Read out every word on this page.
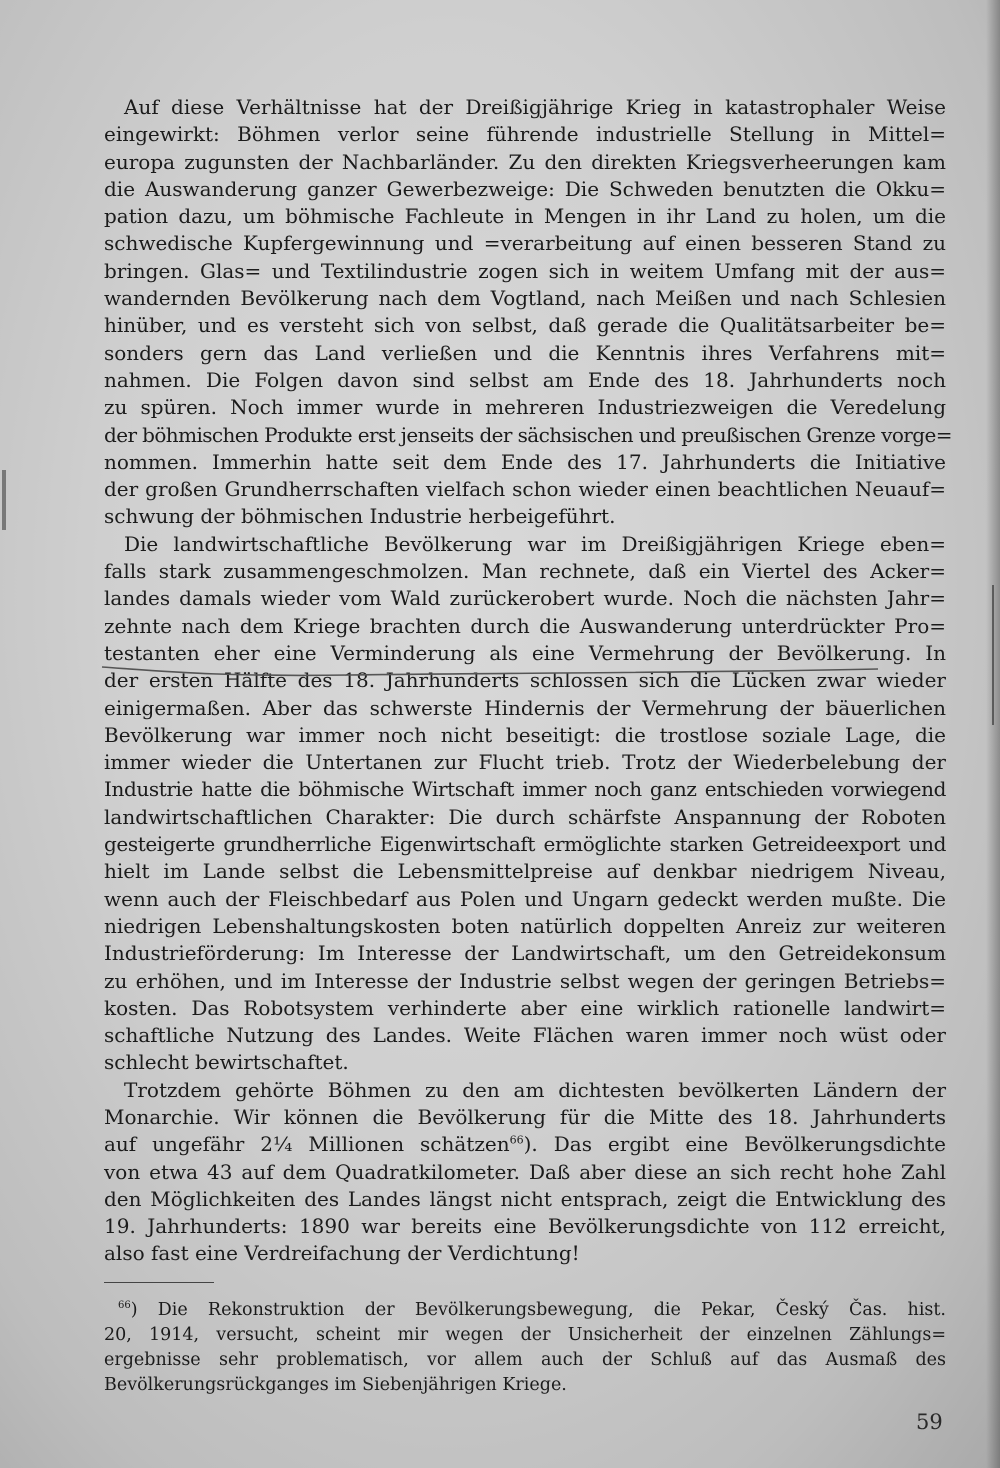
Auf diese Verhältnisse hat der Dreißigjährige Krieg in katastrophaler Weise
eingewirkt: Böhmen verlor seine führende industrielle Stellung in Mittel=
europa zugunsten der Nachbarländer. Zu den direkten Kriegsverheerungen kam
die Auswanderung ganzer Gewerbezweige: Die Schweden benutzten die Okku=
pation dazu, um böhmische Fachleute in Mengen in ihr Land zu holen, um die
schwedische Kupfergewinnung und =verarbeitung auf einen besseren Stand zu
bringen. Glas= und Textilindustrie zogen sich in weitem Umfang mit der aus=
wandernden Bevölkerung nach dem Vogtland, nach Meißen und nach Schlesien
hinüber, und es versteht sich von selbst, daß gerade die Qualitätsarbeiter be=
sonders gern das Land verließen und die Kenntnis ihres Verfahrens mit=
nahmen. Die Folgen davon sind selbst am Ende des 18. Jahrhunderts noch
zu spüren. Noch immer wurde in mehreren Industriezweigen die Veredelung
der böhmischen Produkte erst jenseits der sächsischen und preußischen Grenze vorge=
nommen. Immerhin hatte seit dem Ende des 17. Jahrhunderts die Initiative
der großen Grundherrschaften vielfach schon wieder einen beachtlichen Neuauf=
schwung der böhmischen Industrie herbeigeführt.
Die landwirtschaftliche Bevölkerung war im Dreißigjährigen Kriege eben=
falls stark zusammengeschmolzen. Man rechnete, daß ein Viertel des Acker=
landes damals wieder vom Wald zurückerobert wurde. Noch die nächsten Jahr=
zehnte nach dem Kriege brachten durch die Auswanderung unterdrückter Pro=
testanten eher eine Verminderung als eine Vermehrung der Bevölkerung. In
der ersten Hälfte des 18. Jahrhunderts schlossen sich die Lücken zwar wieder
einigermaßen. Aber das schwerste Hindernis der Vermehrung der bäuerlichen
Bevölkerung war immer noch nicht beseitigt: die trostlose soziale Lage, die
immer wieder die Untertanen zur Flucht trieb. Trotz der Wiederbelebung der
Industrie hatte die böhmische Wirtschaft immer noch ganz entschieden vorwiegend
landwirtschaftlichen Charakter: Die durch schärfste Anspannung der Roboten
gesteigerte grundherrliche Eigenwirtschaft ermöglichte starken Getreideexport und
hielt im Lande selbst die Lebensmittelpreise auf denkbar niedrigem Niveau,
wenn auch der Fleischbedarf aus Polen und Ungarn gedeckt werden mußte. Die
niedrigen Lebenshaltungskosten boten natürlich doppelten Anreiz zur weiteren
Industrieförderung: Im Interesse der Landwirtschaft, um den Getreidekonsum
zu erhöhen, und im Interesse der Industrie selbst wegen der geringen Betriebs=
kosten. Das Robotsystem verhinderte aber eine wirklich rationelle landwirt=
schaftliche Nutzung des Landes. Weite Flächen waren immer noch wüst oder
schlecht bewirtschaftet.
Trotzdem gehörte Böhmen zu den am dichtesten bevölkerten Ländern der
Monarchie. Wir können die Bevölkerung für die Mitte des 18. Jahrhunderts
auf ungefähr 2¼ Millionen schätzen$^{66}$). Das ergibt eine Bevölkerungsdichte
von etwa 43 auf dem Quadratkilometer. Daß aber diese an sich recht hohe Zahl
den Möglichkeiten des Landes längst nicht entsprach, zeigt die Entwicklung des
19. Jahrhunderts: 1890 war bereits eine Bevölkerungsdichte von 112 erreicht,
also fast eine Verdreifachung der Verdichtung!
$^{66}$) Die Rekonstruktion der Bevölkerungsbewegung, die Pekar, Český Čas. hist.
20, 1914, versucht, scheint mir wegen der Unsicherheit der einzelnen Zählungs=
ergebnisse sehr problematisch, vor allem auch der Schluß auf das Ausmaß des
Bevölkerungsrückganges im Siebenjährigen Kriege.
59
